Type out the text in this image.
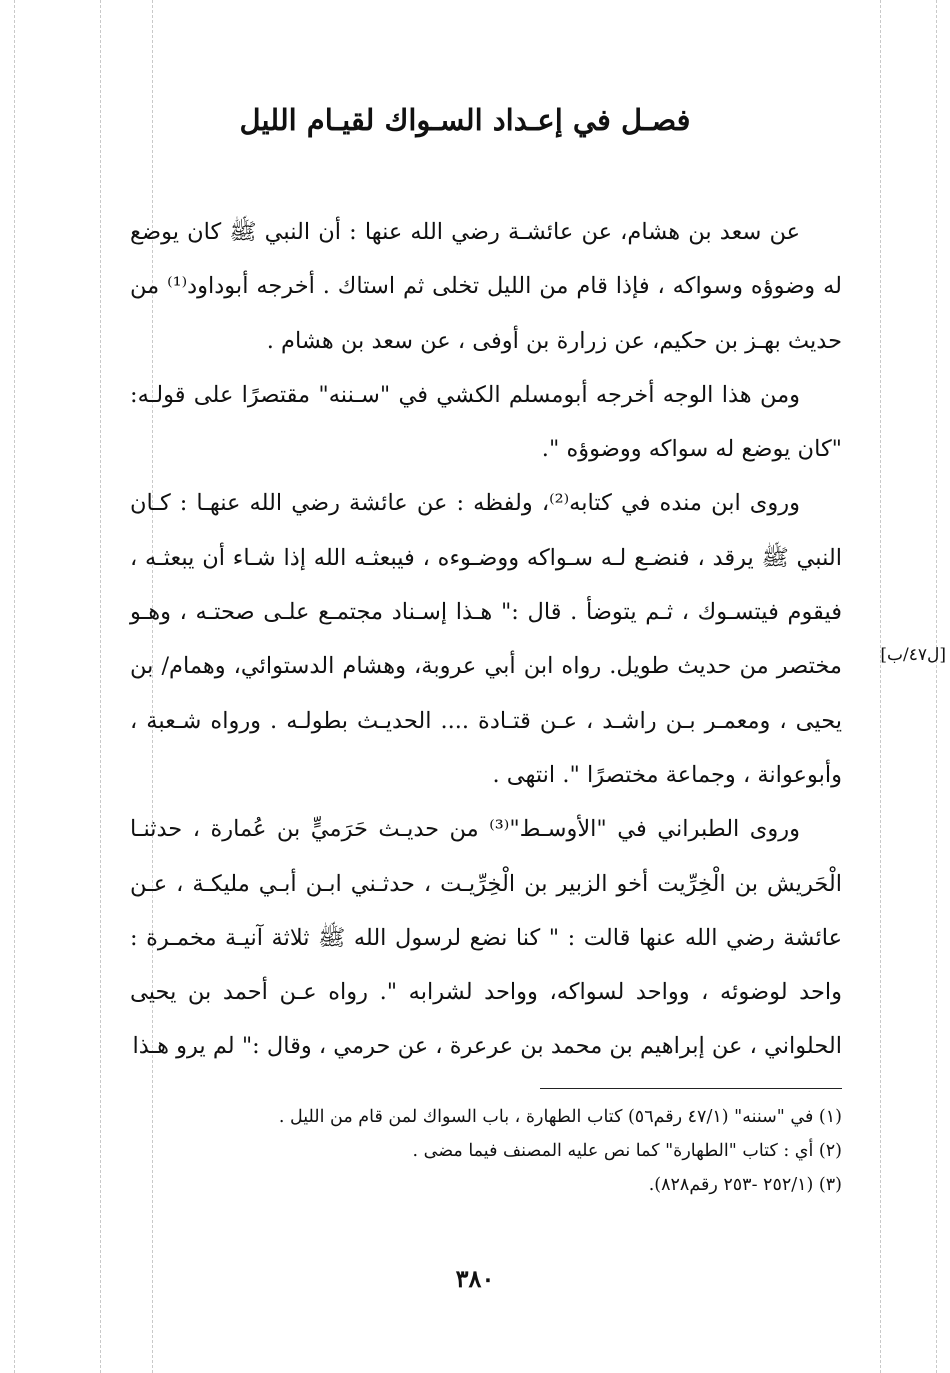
فصـل في إعـداد السـواك لقيـام الليل

عن سعد بن هشام، عن عائشـة رضي الله عنها : أن النبي ﷺ كان يوضع له وضوؤه وسواكه ، فإذا قام من الليل تخلى ثم استاك . أخرجه أبوداود⁽¹⁾ من حديث بهـز بن حكيم، عن زرارة بن أوفى ، عن سعد بن هشام .

ومن هذا الوجه أخرجه أبومسلم الكشي في "سـننه" مقتصرًا على قولـه: "كان يوضع له سواكه ووضوؤه ".

وروى ابن منده في كتابه⁽²⁾، ولفظه : عن عائشة رضي الله عنهـا : كـان النبي ﷺ يرقد ، فنضـع لـه سـواكه ووضـوءه ، فيبعثـه الله إذا شـاء أن يبعثـه ، فيقوم فيتسـوك ، ثـم يتوضأ . قال :" هـذا إسـناد مجتمـع علـى صحتـه ، وهـو مختصر من حديث طويل. رواه ابن أبي عروبة، وهشام الدستوائي، وهمام/ بن يحيى ، ومعمـر بـن راشـد ، عـن قتـادة .... الحديـث بطولـه . ورواه شـعبة ، وأبوعوانة ، وجماعة مختصرًا ". انتهى .

وروى الطبراني في "الأوسـط"⁽³⁾ من حديـث حَرَميٍّ بن عُمارة ، حدثنـا الْحَريش بن الْخِرِّيت أخو الزبير بن الْخِرِّيـت ، حدثـني ابـن أبـي مليكـة ، عـن عائشة رضي الله عنها قالت : " كنا نضع لرسول الله ﷺ ثلاثة آنيـة مخمـرة : واحد لوضوئه ، وواحد لسواكه، وواحد لشرابه ". رواه عـن أحمد بن يحيى الحلواني ، عن إبراهيم بن محمد بن عرعرة ، عن حرمي ، وقال :" لم يرو هـذا

[ل٤٧/ب]

(١) في "سننه" (٤٧/١ رقم٥٦) كتاب الطهارة ، باب السواك لمن قام من الليل .

(٢) أي : كتاب "الطهارة" كما نص عليه المصنف فيما مضى .

(٣) (٢٥٢/١ -٢٥٣ رقم٨٢٨).

٣٨٠
